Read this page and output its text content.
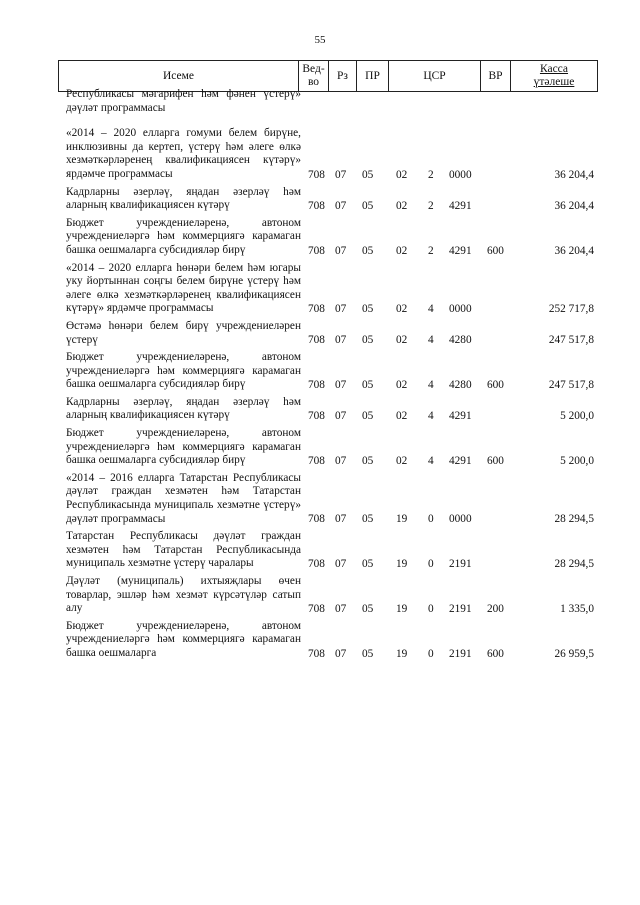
55
Исеме
Вед-
во
Рз	ПР	ЦСР	ВР
Касса
үтәлеше
Республикасы мәгарифен һәм фәнен үстерү» дәүләт программасы
«2014 – 2020 елларга гомуми белем бирүне, инклюзивны да кертеп, үстерү һәм әлеге өлкә хезмәткәрләренең квалификациясен күтәрү» ярдәмче программасы	708 07 05 02 2 0000	36 204,4
Кадрларны әзерләү, яңадан әзерләү һәм аларның квалификациясен күтәрү	708 07 05 02 2 4291	36 204,4
Бюджет учреждениеләренә, автоном учреждениеләргә һәм коммерциягә карамаган башка оешмаларга субсидияләр бирү	708 07 05 02 2 4291 600	36 204,4
«2014 – 2020 елларга һөнәри белем һәм югары уку йортыннан соңгы белем бирүне үстерү һәм әлеге өлкә хезмәткәрләренең квалификациясен күтәрү» ярдәмче программасы	708 07 05 02 4 0000	252 717,8
Өстәмә һөнәри белем бирү учреждениеләрен үстерү	708 07 05 02 4 4280	247 517,8
Бюджет учреждениеләренә, автоном учреждениеләргә һәм коммерциягә карамаган башка оешмаларга субсидияләр бирү	708 07 05 02 4 4280 600	247 517,8
Кадрларны әзерләү, яңадан әзерләү һәм аларның квалификациясен күтәрү	708 07 05 02 4 4291	5 200,0
Бюджет учреждениеләренә, автоном учреждениеләргә һәм коммерциягә карамаган башка оешмаларга субсидияләр бирү	708 07 05 02 4 4291 600	5 200,0
«2014 – 2016 елларга Татарстан Республикасы дәүләт граждан хезмәтен һәм Татарстан Республикасында муниципаль хезмәтне үстерү» дәүләт программасы	708 07 05 19 0 0000	28 294,5
Татарстан Республикасы дәүләт граждан хезмәтен һәм Татарстан Республикасында муниципаль хезмәтне үстерү чаралары	708 07 05 19 0 2191	28 294,5
Дәүләт (муниципаль) ихтыяҗлары өчен товарлар, эшләр һәм хезмәт күрсәтүләр сатып алу	708 07 05 19 0 2191 200	1 335,0
Бюджет учреждениеләренә, автоном учреждениеләргә һәм коммерциягә карамаган башка оешмаларга	708 07 05 19 0 2191 600	26 959,5
